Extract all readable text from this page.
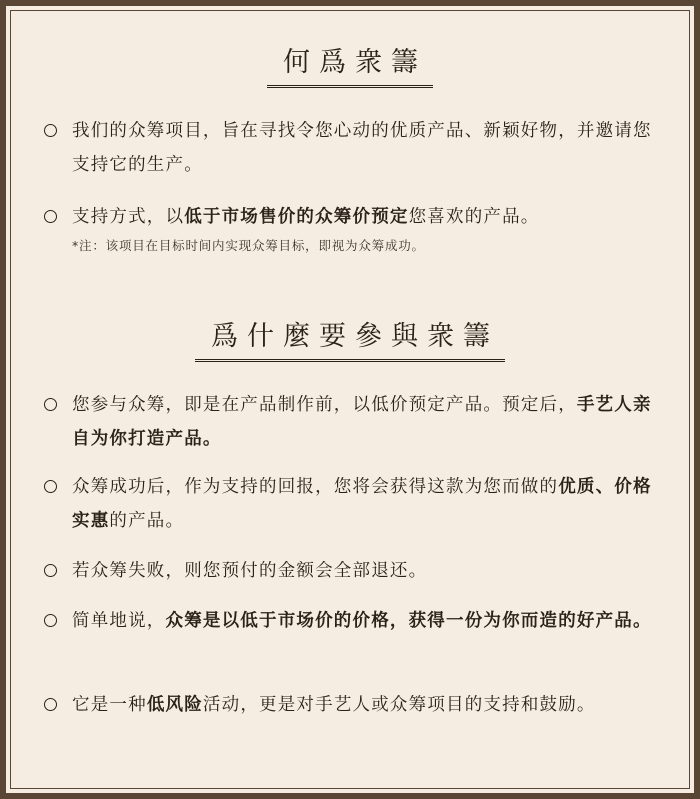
何爲衆籌
我们的众筹项目，旨在寻找令您心动的优质产品、新颖好物，并邀请您支持它的生产。
支持方式，以低于市场售价的众筹价预定您喜欢的产品。
*注：该项目在目标时间内实现众筹目标，即视为众筹成功。
爲什麼要參與衆籌
您参与众筹，即是在产品制作前，以低价预定产品。预定后，手艺人亲自为你打造产品。
众筹成功后，作为支持的回报，您将会获得这款为您而做的优质、价格实惠的产品。
若众筹失败，则您预付的金额会全部退还。
简单地说，众筹是以低于市场价的价格，获得一份为你而造的好产品。
它是一种低风险活动，更是对手艺人或众筹项目的支持和鼓励。
